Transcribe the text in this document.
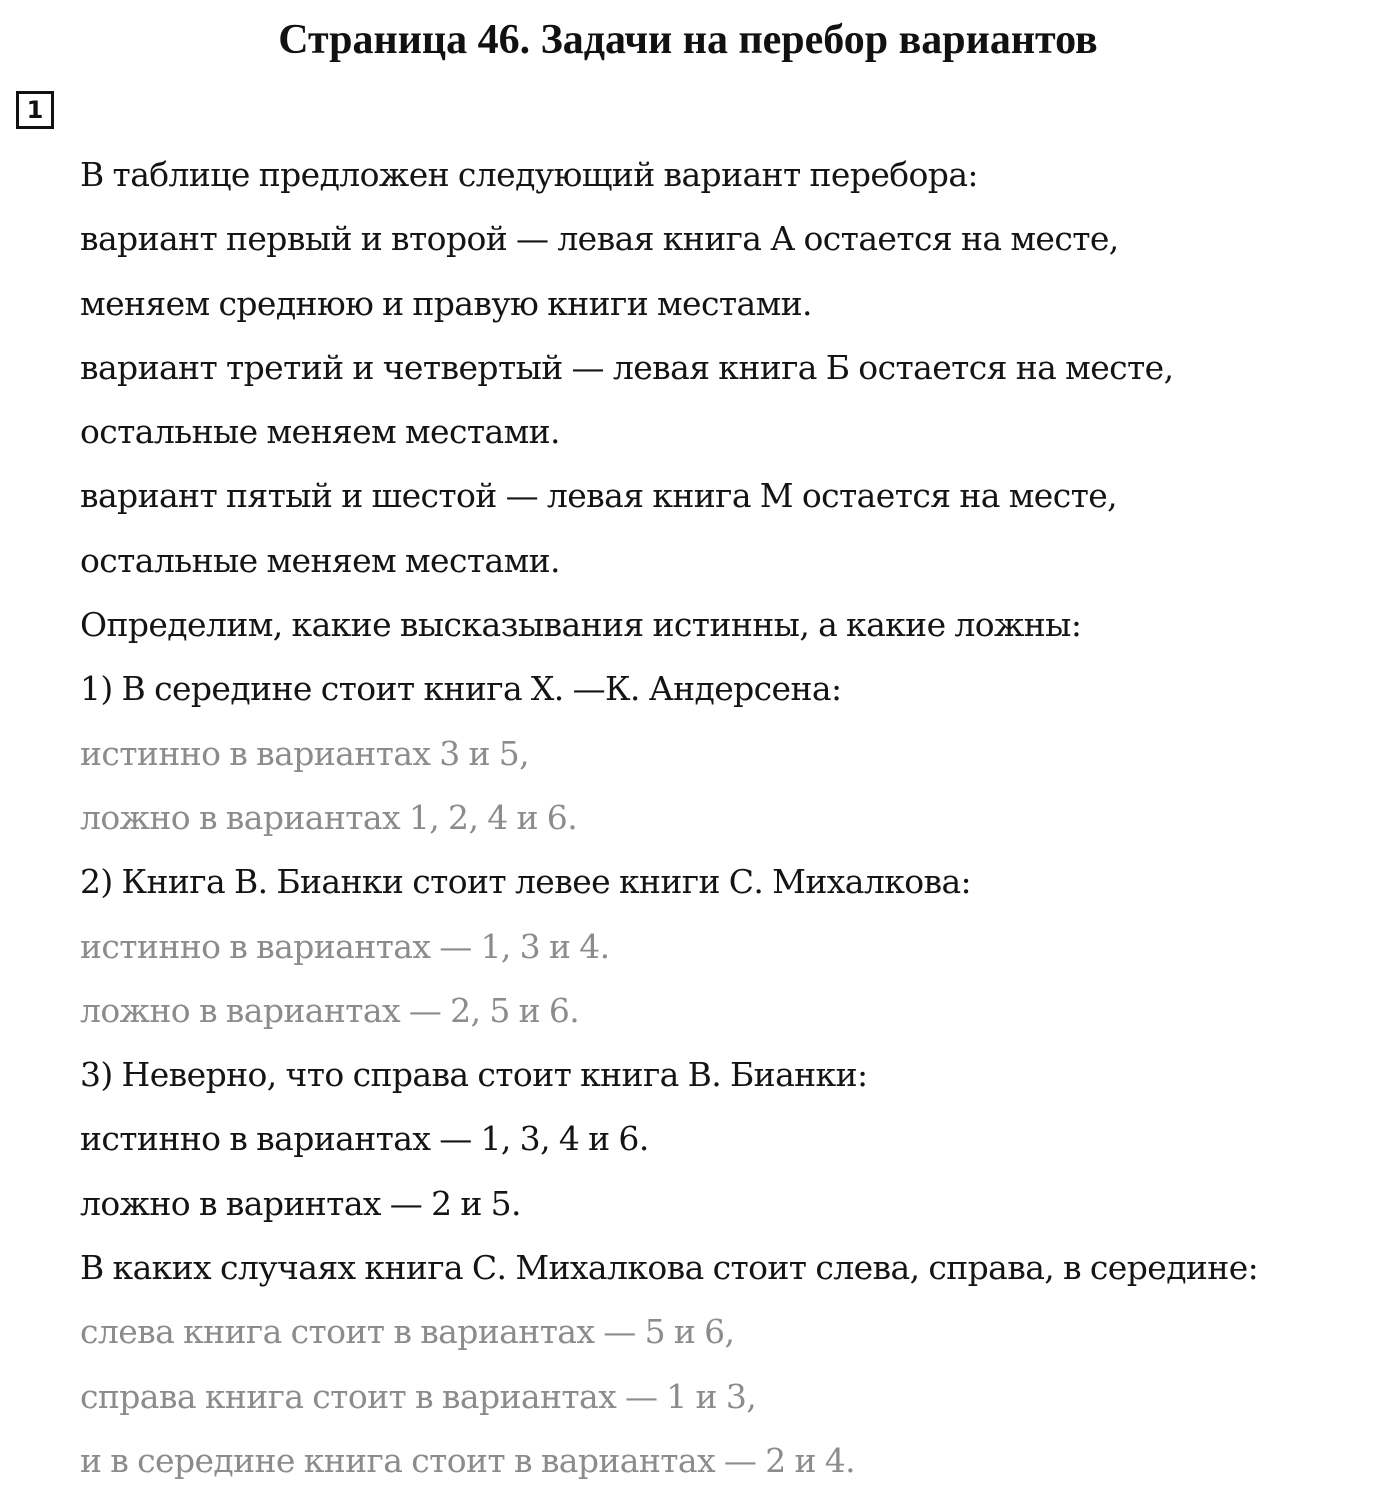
Страница 46. Задачи на перебор вариантов
1
В таблице предложен следующий вариант перебора:
вариант первый и второй — левая книга А остается на месте,
меняем среднюю и правую книги местами.
вариант третий и четвертый — левая книга Б остается на месте,
остальные меняем местами.
вариант пятый и шестой — левая книга М остается на месте,
остальные меняем местами.
Определим, какие высказывания истинны, а какие ложны:
1) В середине стоит книга Х. —К. Андерсена:
истинно в вариантах 3 и 5,
ложно в вариантах 1, 2, 4 и 6.
2) Книга В. Бианки стоит левее книги С. Михалкова:
истинно в вариантах — 1, 3 и 4.
ложно в вариантах — 2, 5 и 6.
3) Неверно, что справа стоит книга В. Бианки:
истинно в вариантах — 1, 3, 4 и 6.
ложно в варинтах — 2 и 5.
В каких случаях книга С. Михалкова стоит слева, справа, в середине:
слева книга стоит в вариантах — 5 и 6,
справа книга стоит в вариантах — 1 и 3,
и в середине книга стоит в вариантах — 2 и 4.
